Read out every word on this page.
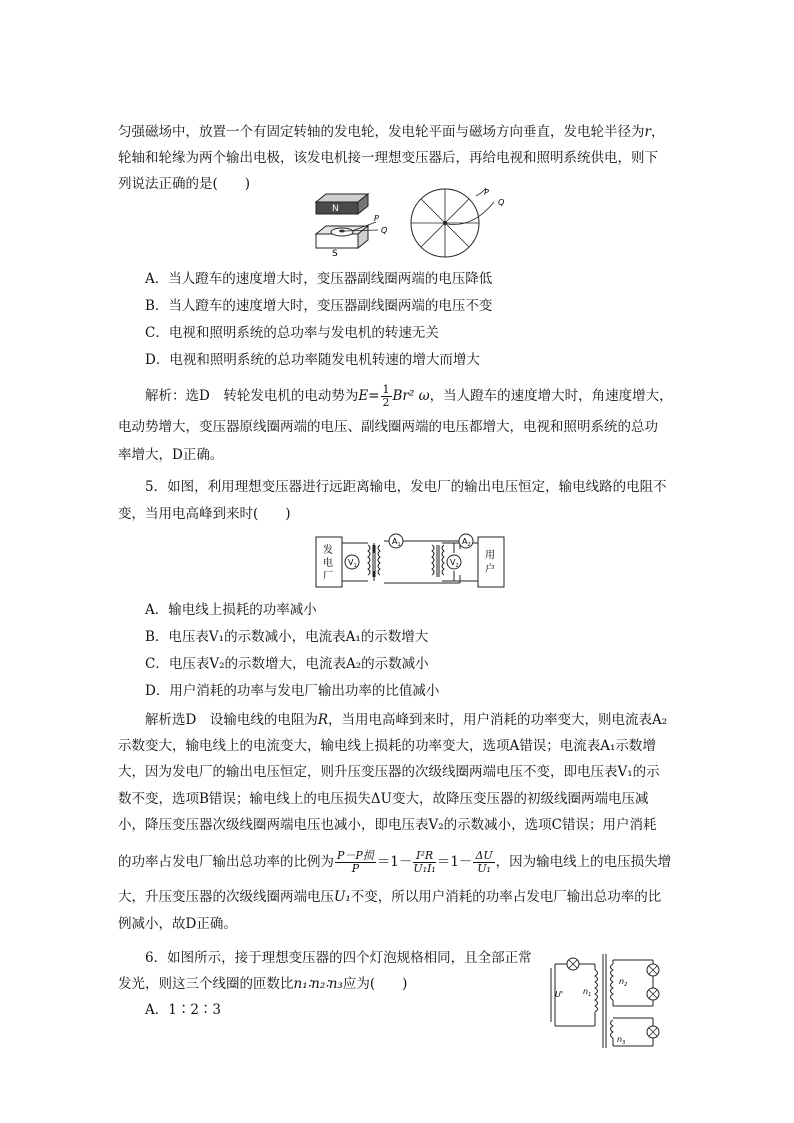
匀强磁场中，放置一个有固定转轴的发电轮，发电轮平面与磁场方向垂直，发电轮半径为r，
轮轴和轮缘为两个输出电极，该发电机接一理想变压器后，再给电视和照明系统供电，则下
列说法正确的是(　　)
N
S
P
Q
P
Q
A．当人蹬车的速度增大时，变压器副线圈两端的电压降低
B．当人蹬车的速度增大时，变压器副线圈两端的电压不变
C．电视和照明系统的总功率与发电机的转速无关
D．电视和照明系统的总功率随发电机转速的增大而增大
解析：选D　转轮发电机的电动势为$E= \frac{1}{2} Br^2$ ω，当人蹬车的速度增大时，角速度增大，
电动势增大，变压器原线圈两端的电压、副线圈两端的电压都增大，电视和照明系统的总功
率增大，D正确。
5．如图，利用理想变压器进行远距离输电，发电厂的输出电压恒定，输电线路的电阻不
变，当用电高峰到来时(　　)
$A_1$	$A_2$
$V_1$	$V_2$
发
电
厂
用
户
A．输电线上损耗的功率减小
B．电压表V₁的示数减小，电流表A₁的示数增大
C．电压表V₂的示数增大，电流表A₂的示数减小
D．用户消耗的功率与发电厂输出功率的比值减小
解析选D　设输电线的电阻为R，当用电高峰到来时，用户消耗的功率变大，则电流表A₂
示数变大，输电线上的电流变大，输电线上损耗的功率变大，选项A错误；电流表A₁示数增
大，因为发电厂的输出电压恒定，则升压变压器的次级线圈两端电压不变，即电压表V₁的示
数不变，选项B错误；输电线上的电压损失ΔU变大，故降压变压器的初级线圈两端电压减
小，降压变压器次级线圈两端电压也减小，即电压表V₂的示数减小，选项C错误；用户消耗
的功率占发电厂输出总功率的比例为 $\frac{\text{P－P损}}{P} =1- \frac{\text{I²R}}{\text{U₁I₁}} =1- \frac{\Delta U}{\text{U₁}}$ ，因为输电线上的电压损失增
大，升压变压器的次级线圈两端电压U₁不变，所以用户消耗的功率占发电厂输出总功率的比
例减小，故D正确。
6．如图所示，接于理想变压器的四个灯泡规格相同，且全部正常
发光，则这三个线圈的匝数比n₁∶n₂∶n₃应为(　　)
A．1∶2∶3
U' $n_1$
$n_2$
$n_3$
